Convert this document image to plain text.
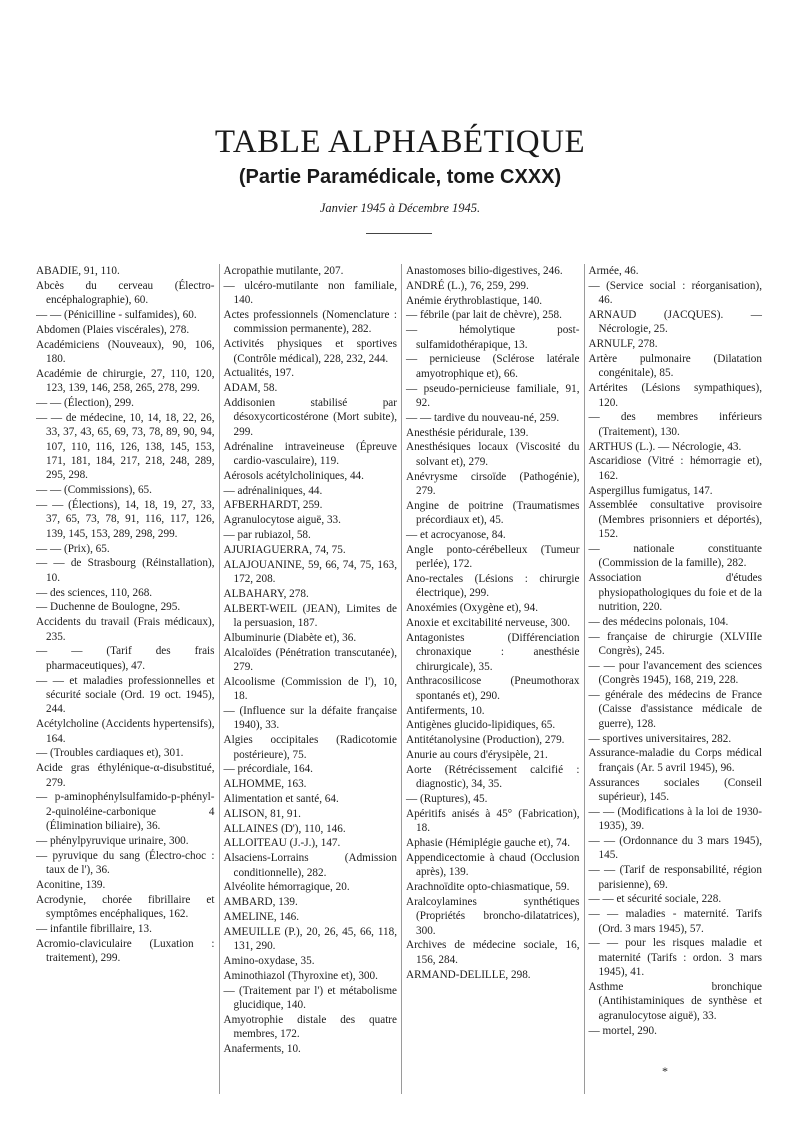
TABLE ALPHABÉTIQUE
(Partie Paramédicale, tome CXXX)
Janvier 1945 à Décembre 1945.
ABADIE, 91, 110.
Abcès du cerveau (Électro-encéphalographie), 60.
— — (Pénicilline - sulfamides), 60.
Abdomen (Plaies viscérales), 278.
Académiciens (Nouveaux), 90, 106, 180.
Académie de chirurgie, 27, 110, 120, 123, 139, 146, 258, 265, 278, 299.
— — (Élection), 299.
— — de médecine, 10, 14, 18, 22, 26, 33, 37, 43, 65, 69, 73, 78, 89, 90, 94, 107, 110, 116, 126, 138, 145, 153, 171, 181, 184, 217, 218, 248, 289, 295, 298.
— — (Commissions), 65.
— — (Élections), 14, 18, 19, 27, 33, 37, 65, 73, 78, 91, 116, 117, 126, 139, 145, 153, 289, 298, 299.
— — (Prix), 65.
— — de Strasbourg (Réinstallation), 10.
— des sciences, 110, 268.
— Duchenne de Boulogne, 295.
Accidents du travail (Frais médicaux), 235.
— — (Tarif des frais pharmaceutiques), 47.
— — et maladies professionnelles et sécurité sociale (Ord. 19 oct. 1945), 244.
Acétylcholine (Accidents hypertensifs), 164.
— (Troubles cardiaques et), 301.
Acide gras éthylénique-α-disubstitué, 279.
— p-aminophénylsulfamido-p-phényl-2-quinoléine-carbonique 4 (Élimination biliaire), 36.
— phénylpyruvique urinaire, 300.
— pyruvique du sang (Électro-choc : taux de l'), 36.
Aconitine, 139.
Acrodynie, chorée fibrillaire et symptômes encéphaliques, 162.
— infantile fibrillaire, 13.
Acromio-claviculaire (Luxation : traitement), 299.
Acropathie mutilante, 207.
— ulcéro-mutilante non familiale, 140.
Actes professionnels (Nomenclature : commission permanente), 282.
Activités physiques et sportives (Contrôle médical), 228, 232, 244.
Actualités, 197.
ADAM, 58.
Addisonien stabilisé par désoxycorticostérone (Mort subite), 299.
Adrénaline intraveineuse (Épreuve cardio-vasculaire), 119.
Aérosols acétylcholiniques, 44.
— adrénaliniques, 44.
AFBERHARDT, 259.
Agranulocytose aiguë, 33.
— par rubiazol, 58.
AJURIAGUERRA, 74, 75.
ALAJOUANINE, 59, 66, 74, 75, 163, 172, 208.
ALBAHARY, 278.
ALBERT-WEIL (JEAN), Limites de la persuasion, 187.
Albuminurie (Diabète et), 36.
Alcaloïdes (Pénétration transcutanée), 279.
Alcoolisme (Commission de l'), 10, 18.
— (Influence sur la défaite française 1940), 33.
Algies occipitales (Radicotomie postérieure), 75.
— précordiale, 164.
ALHOMME, 163.
Alimentation et santé, 64.
ALISON, 81, 91.
ALLAINES (D'), 110, 146.
ALLOITEAU (J.-J.), 147.
Alsaciens-Lorrains (Admission conditionnelle), 282.
Alvéolite hémorragique, 20.
AMBARD, 139.
AMELINE, 146.
AMEUILLE (P.), 20, 26, 45, 66, 118, 131, 290.
Amino-oxydase, 35.
Aminothiazol (Thyroxine et), 300.
— (Traitement par l') et métabolisme glucidique, 140.
Amyotrophie distale des quatre membres, 172.
Anaferments, 10.
Anastomoses bilio-digestives, 246.
ANDRÉ (L.), 76, 259, 299.
Anémie érythroblastique, 140.
— fébrile (par lait de chèvre), 258.
— hémolytique post-sulfamidothérapique, 13.
— pernicieuse (Sclérose latérale amyotrophique et), 66.
— pseudo-pernicieuse familiale, 91, 92.
— — tardive du nouveau-né, 259.
Anesthésie péridurale, 139.
Anesthésiques locaux (Viscosité du solvant et), 279.
Anévrysme cirsoïde (Pathogénie), 279.
Angine de poitrine (Traumatismes précordiaux et), 45.
— et acrocyanose, 84.
Angle ponto-cérébelleux (Tumeur perlée), 172.
Ano-rectales (Lésions : chirurgie électrique), 299.
Anoxémies (Oxygène et), 94.
Anoxie et excitabilité nerveuse, 300.
Antagonistes (Différenciation chronaxique : anesthésie chirurgicale), 35.
Anthracosilicose (Pneumothorax spontanés et), 290.
Antiferments, 10.
Antigènes glucido-lipidiques, 65.
Antitétanolysine (Production), 279.
Anurie au cours d'érysipèle, 21.
Aorte (Rétrécissement calcifié : diagnostic), 34, 35.
— (Ruptures), 45.
Apéritifs anisés à 45° (Fabrication), 18.
Aphasie (Hémiplégie gauche et), 74.
Appendicectomie à chaud (Occlusion après), 139.
Arachnoïdite opto-chiasmatique, 59.
Aralcoylamines synthétiques (Propriétés broncho-dilatatrices), 300.
Archives de médecine sociale, 16, 156, 284.
ARMAND-DELILLE, 298.
Armée, 46.
— (Service social : réorganisation), 46.
ARNAUD (JACQUES). — Nécrologie, 25.
ARNULF, 278.
Artère pulmonaire (Dilatation congénitale), 85.
Artérites (Lésions sympathiques), 120.
— des membres inférieurs (Traitement), 130.
ARTHUS (L.). — Nécrologie, 43.
Ascaridiose (Vitré : hémorragie et), 162.
Aspergillus fumigatus, 147.
Assemblée consultative provisoire (Membres prisonniers et déportés), 152.
— nationale constituante (Commission de la famille), 282.
Association d'études physiopathologiques du foie et de la nutrition, 220.
— des médecins polonais, 104.
— française de chirurgie (XLVIIIe Congrès), 245.
— — pour l'avancement des sciences (Congrès 1945), 168, 219, 228.
— générale des médecins de France (Caisse d'assistance médicale de guerre), 128.
— sportives universitaires, 282.
Assurance-maladie du Corps médical français (Ar. 5 avril 1945), 96.
Assurances sociales (Conseil supérieur), 145.
— — (Modifications à la loi de 1930-1935), 39.
— — (Ordonnance du 3 mars 1945), 145.
— — (Tarif de responsabilité, région parisienne), 69.
— — et sécurité sociale, 228.
— — maladies - maternité. Tarifs (Ord. 3 mars 1945), 57.
— — pour les risques maladie et maternité (Tarifs : ordon. 3 mars 1945), 41.
Asthme bronchique (Antihistaminiques de synthèse et agranulocytose aiguë), 33.
— mortel, 290.
*
